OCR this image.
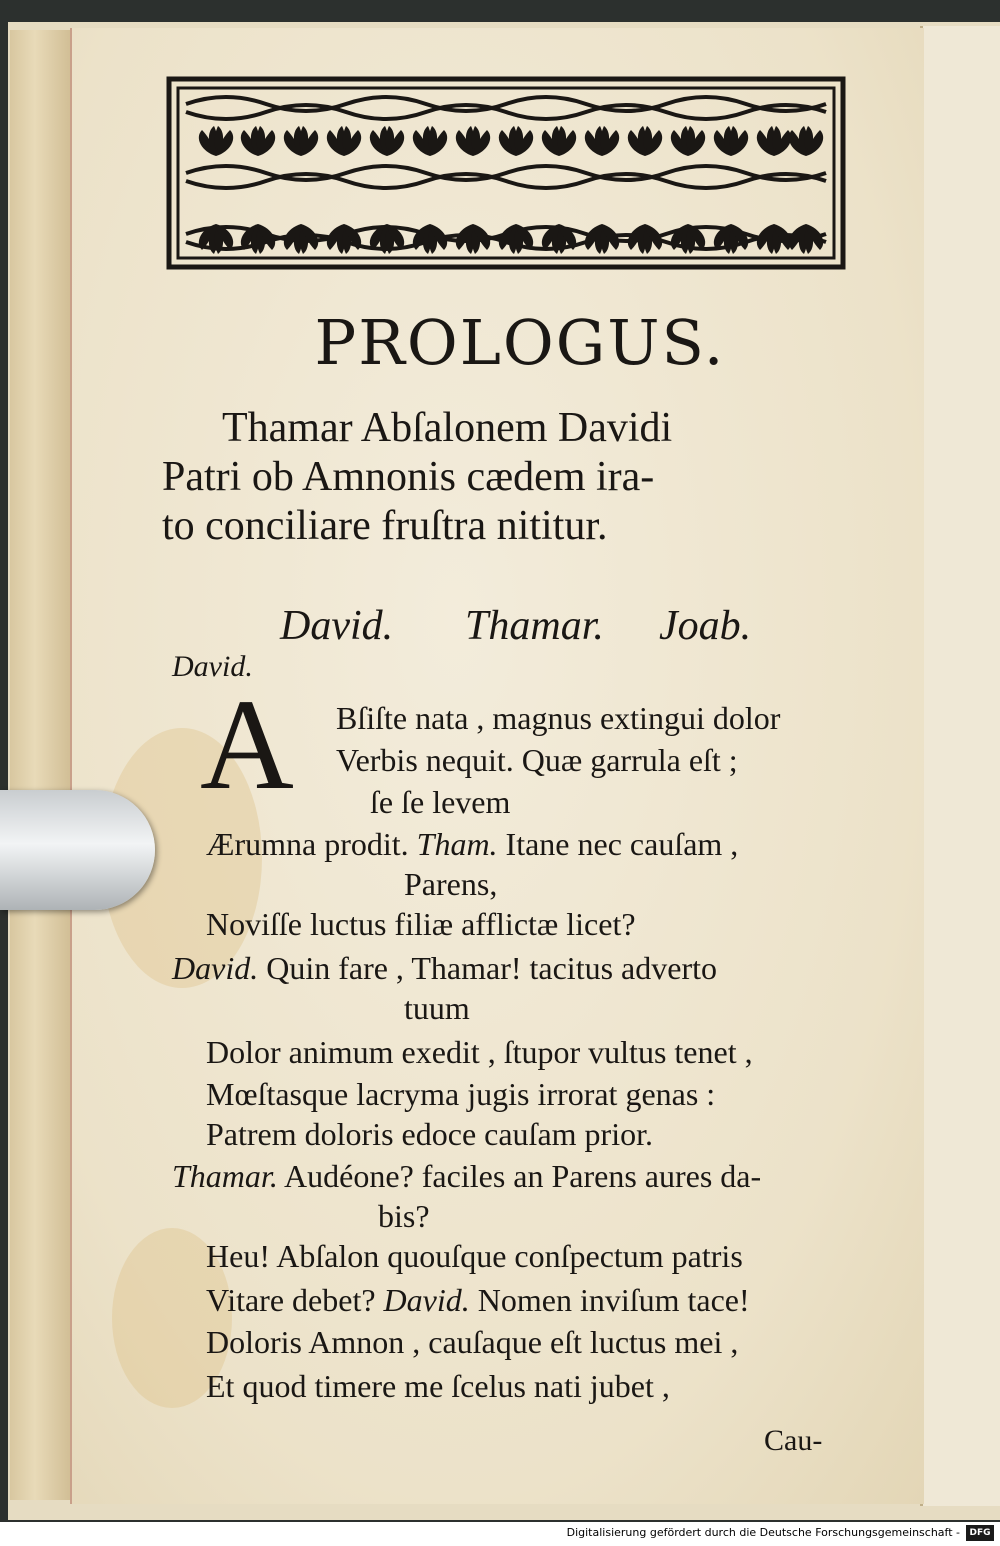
PROLOGUS.
Thamar Abſalonem Davidi
Patri ob Amnonis cædem ira-
to conciliare fruſtra nititur.
David. Thamar. Joab.
David.
A Bſiſte nata , magnus extingui dolor
Verbis nequit. Quæ garrula eſt ;
ſe ſe levem
Ærumna prodit. Tham. Itane nec cauſam ,
Parens,
Noviſſe luctus filiæ afflictæ licet?
David. Quin fare , Thamar! tacitus adverto
tuum
Dolor animum exedit , ſtupor vultus tenet ,
Mœſtasque lacryma jugis irrorat genas :
Patrem doloris edoce cauſam prior.
Thamar. Audéone? faciles an Parens aures da-
bis?
Heu! Abſalon quouſque conſpectum patris
Vitare debet? David. Nomen inviſum tace!
Doloris Amnon , cauſaque eſt luctus mei ,
Et quod timere me ſcelus nati jubet ,
Cau-
Digitalisierung gefördert durch die Deutsche Forschungsgemeinschaft -	DFG
